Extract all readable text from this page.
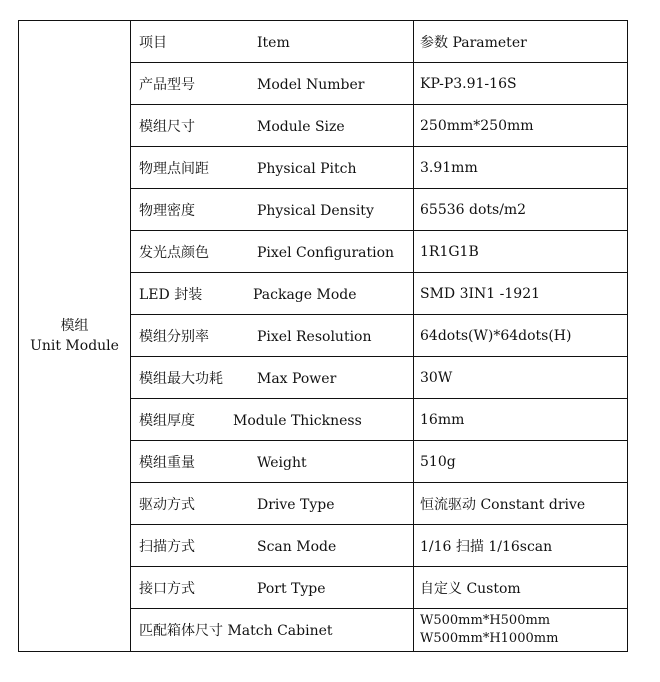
模组
Unit Module	项目 Item	参数 Parameter
	产品型号 Model Number	KP-P3.91-16S
	模组尺寸 Module Size	250mm*250mm
	物理点间距 Physical Pitch	3.91mm
	物理密度 Physical Density	65536 dots/m2
	发光点颜色 Pixel Configuration	1R1G1B
	LED 封装 Package Mode	SMD 3IN1 -1921
	模组分别率 Pixel Resolution	64dots(W)*64dots(H)
	模组最大功耗 Max Power	30W
	模组厚度 Module Thickness	16mm
	模组重量 Weight	510g
	驱动方式 Drive Type	恒流驱动 Constant drive
	扫描方式 Scan Mode	1/16 扫描 1/16scan
	接口方式 Port Type	自定义 Custom
	匹配箱体尺寸 Match Cabinet	W500mm*H500mm
W500mm*H1000mm
